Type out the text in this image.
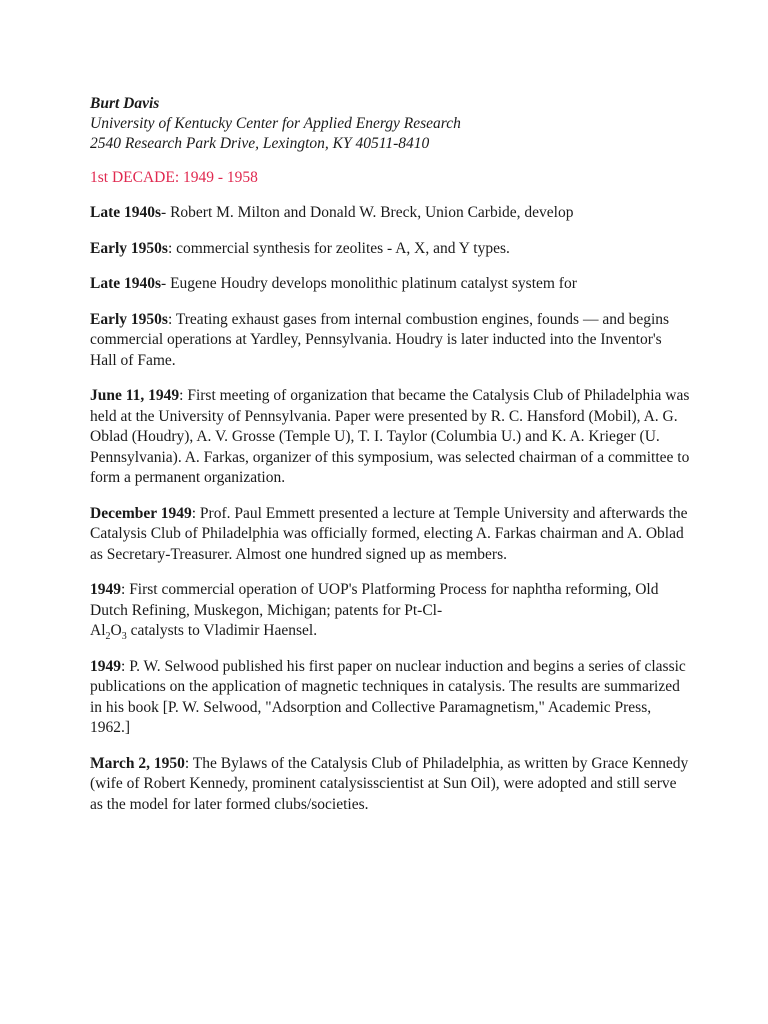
Burt Davis
University of Kentucky Center for Applied Energy Research
2540 Research Park Drive, Lexington, KY 40511-8410
1st DECADE: 1949 - 1958

Late 1940s- Robert M. Milton and Donald W. Breck, Union Carbide, develop

Early 1950s: commercial synthesis for zeolites - A, X, and Y types.

Late 1940s- Eugene Houdry develops monolithic platinum catalyst system for

Early 1950s: Treating exhaust gases from internal combustion engines, founds — and begins commercial operations at Yardley, Pennsylvania. Houdry is later inducted into the Inventor's Hall of Fame.

June 11, 1949: First meeting of organization that became the Catalysis Club of Philadelphia was held at the University of Pennsylvania. Paper were presented by R. C. Hansford (Mobil), A. G. Oblad (Houdry), A. V. Grosse (Temple U), T. I. Taylor (Columbia U.) and K. A. Krieger (U. Pennsylvania). A. Farkas, organizer of this symposium, was selected chairman of a committee to form a permanent organization.

December 1949: Prof. Paul Emmett presented a lecture at Temple University and afterwards the Catalysis Club of Philadelphia was officially formed, electing A. Farkas chairman and A. Oblad as Secretary-Treasurer. Almost one hundred signed up as members.

1949: First commercial operation of UOP's Platforming Process for naphtha reforming, Old Dutch Refining, Muskegon, Michigan; patents for Pt-Cl-
$Al_2O_3$ catalysts to Vladimir Haensel.

1949: P. W. Selwood published his first paper on nuclear induction and begins a series of classic publications on the application of magnetic techniques in catalysis. The results are summarized in his book [P. W. Selwood, "Adsorption and Collective Paramagnetism," Academic Press, 1962.]

March 2, 1950: The Bylaws of the Catalysis Club of Philadelphia, as written by Grace Kennedy (wife of Robert Kennedy, prominent catalysisscientist at Sun Oil), were adopted and still serve as the model for later formed clubs/societies.
